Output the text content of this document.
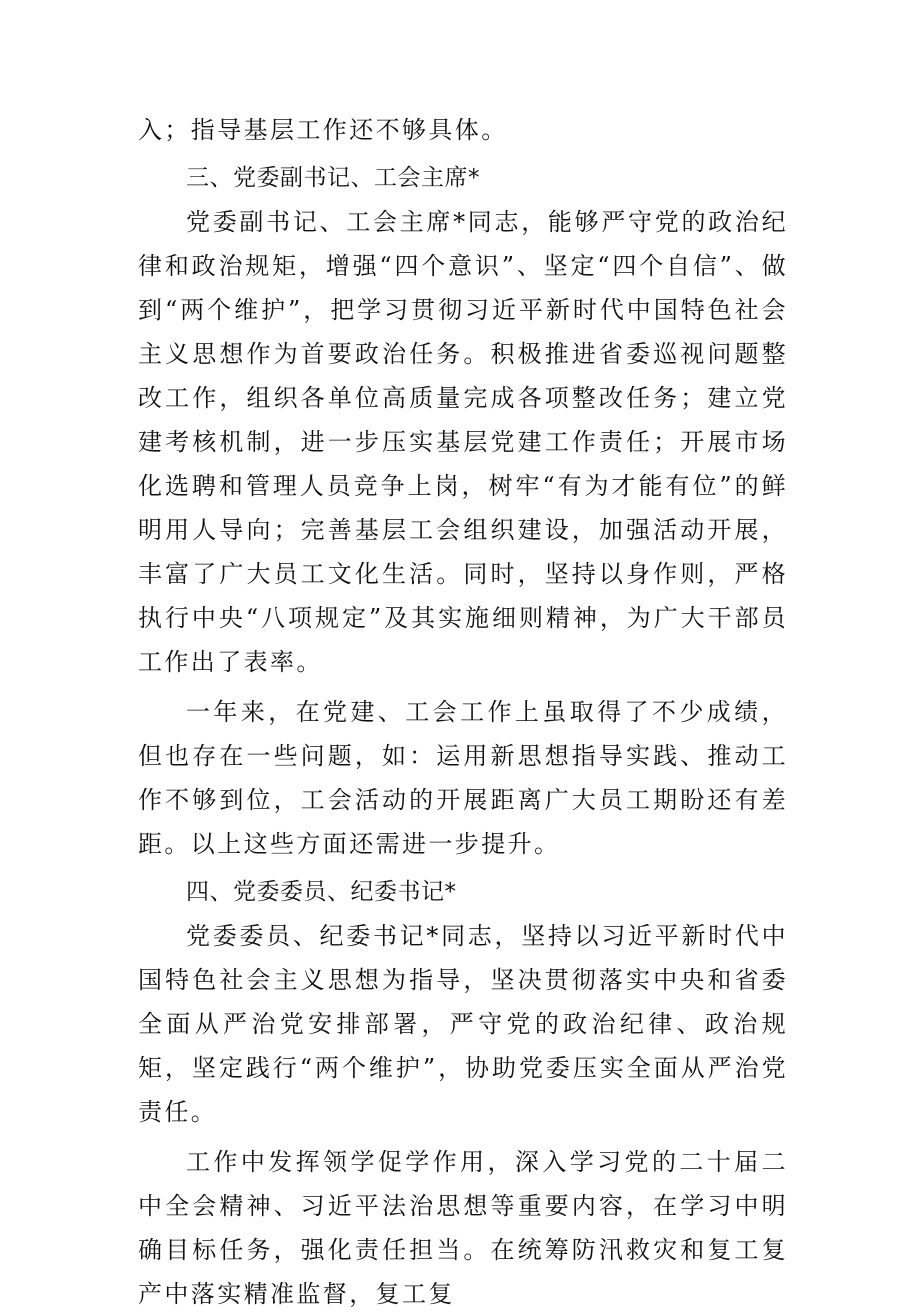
入；指导基层工作还不够具体。

三、党委副书记、工会主席*

党委副书记、工会主席*同志，能够严守党的政治纪律和政治规矩，增强“四个意识”、坚定“四个自信”、做到“两个维护”，把学习贯彻习近平新时代中国特色社会主义思想作为首要政治任务。积极推进省委巡视问题整改工作，组织各单位高质量完成各项整改任务；建立党建考核机制，进一步压实基层党建工作责任；开展市场化选聘和管理人员竞争上岗，树牢“有为才能有位”的鲜明用人导向；完善基层工会组织建设，加强活动开展，丰富了广大员工文化生活。同时，坚持以身作则，严格执行中央“八项规定”及其实施细则精神，为广大干部员工作出了表率。

一年来，在党建、工会工作上虽取得了不少成绩，但也存在一些问题，如：运用新思想指导实践、推动工作不够到位，工会活动的开展距离广大员工期盼还有差距。以上这些方面还需进一步提升。

四、党委委员、纪委书记*

党委委员、纪委书记*同志，坚持以习近平新时代中国特色社会主义思想为指导，坚决贯彻落实中央和省委全面从严治党安排部署，严守党的政治纪律、政治规矩，坚定践行“两个维护”，协助党委压实全面从严治党责任。

工作中发挥领学促学作用，深入学习党的二十届二中全会精神、习近平法治思想等重要内容，在学习中明确目标任务，强化责任担当。在统筹防汛救灾和复工复产中落实精准监督，复工复
